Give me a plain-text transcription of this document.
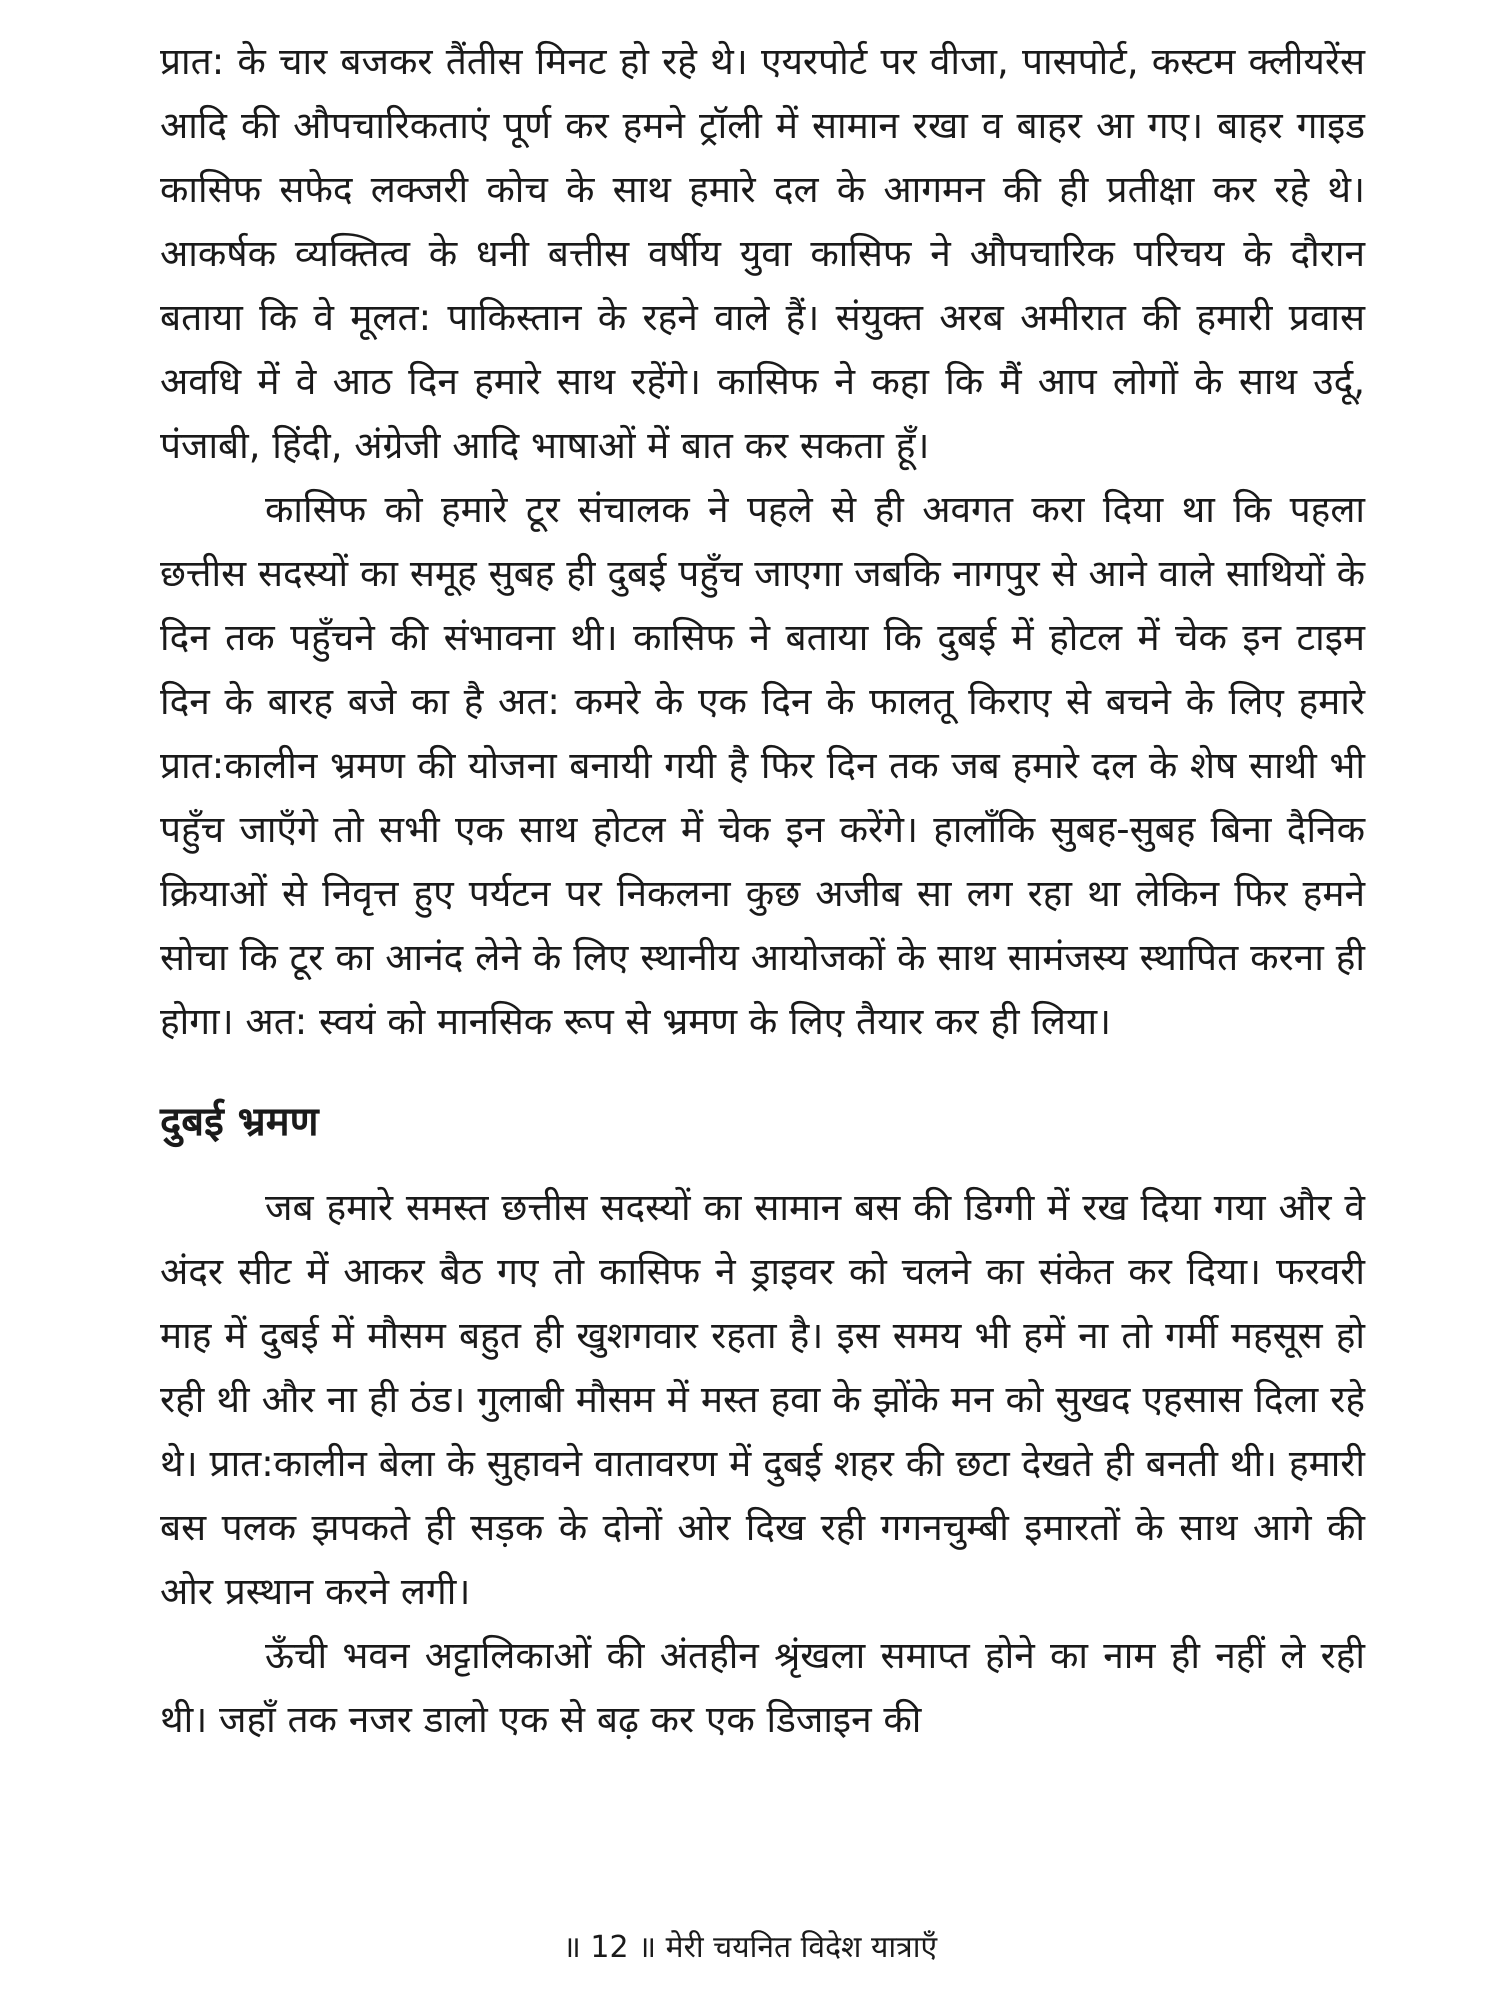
प्रात: के चार बजकर तैंतीस मिनट हो रहे थे। एयरपोर्ट पर वीजा, पासपोर्ट, कस्टम क्लीयरेंस आदि की औपचारिकताएं पूर्ण कर हमने ट्रॉली में सामान रखा व बाहर आ गए। बाहर गाइड कासिफ सफेद लक्जरी कोच के साथ हमारे दल के आगमन की ही प्रतीक्षा कर रहे थे। आकर्षक व्यक्तित्व के धनी बत्तीस वर्षीय युवा कासिफ ने औपचारिक परिचय के दौरान बताया कि वे मूलत: पाकिस्तान के रहने वाले हैं। संयुक्त अरब अमीरात की हमारी प्रवास अवधि में वे आठ दिन हमारे साथ रहेंगे। कासिफ ने कहा कि मैं आप लोगों के साथ उर्दू, पंजाबी, हिंदी, अंग्रेजी आदि भाषाओं में बात कर सकता हूँ।

कासिफ को हमारे टूर संचालक ने पहले से ही अवगत करा दिया था कि पहला छत्तीस सदस्यों का समूह सुबह ही दुबई पहुँच जाएगा जबकि नागपुर से आने वाले साथियों के दिन तक पहुँचने की संभावना थी। कासिफ ने बताया कि दुबई में होटल में चेक इन टाइम दिन के बारह बजे का है अत: कमरे के एक दिन के फालतू किराए से बचने के लिए हमारे प्रात:कालीन भ्रमण की योजना बनायी गयी है फिर दिन तक जब हमारे दल के शेष साथी भी पहुँच जाएँगे तो सभी एक साथ होटल में चेक इन करेंगे। हालाँकि सुबह-सुबह बिना दैनिक क्रियाओं से निवृत्त हुए पर्यटन पर निकलना कुछ अजीब सा लग रहा था लेकिन फिर हमने सोचा कि टूर का आनंद लेने के लिए स्थानीय आयोजकों के साथ सामंजस्य स्थापित करना ही होगा। अत: स्वयं को मानसिक रूप से भ्रमण के लिए तैयार कर ही लिया।

दुबई भ्रमण

जब हमारे समस्त छत्तीस सदस्यों का सामान बस की डिग्गी में रख दिया गया और वे अंदर सीट में आकर बैठ गए तो कासिफ ने ड्राइवर को चलने का संकेत कर दिया। फरवरी माह में दुबई में मौसम बहुत ही खुशगवार रहता है। इस समय भी हमें ना तो गर्मी महसूस हो रही थी और ना ही ठंड। गुलाबी मौसम में मस्त हवा के झोंके मन को सुखद एहसास दिला रहे थे। प्रात:कालीन बेला के सुहावने वातावरण में दुबई शहर की छटा देखते ही बनती थी। हमारी बस पलक झपकते ही सड़क के दोनों ओर दिख रही गगनचुम्बी इमारतों के साथ आगे की ओर प्रस्थान करने लगी।

ऊँची भवन अट्टालिकाओं की अंतहीन श्रृंखला समाप्त होने का नाम ही नहीं ले रही थी। जहाँ तक नजर डालो एक से बढ़ कर एक डिजाइन की

॥ 12 ॥ मेरी चयनित विदेश यात्राएँ
